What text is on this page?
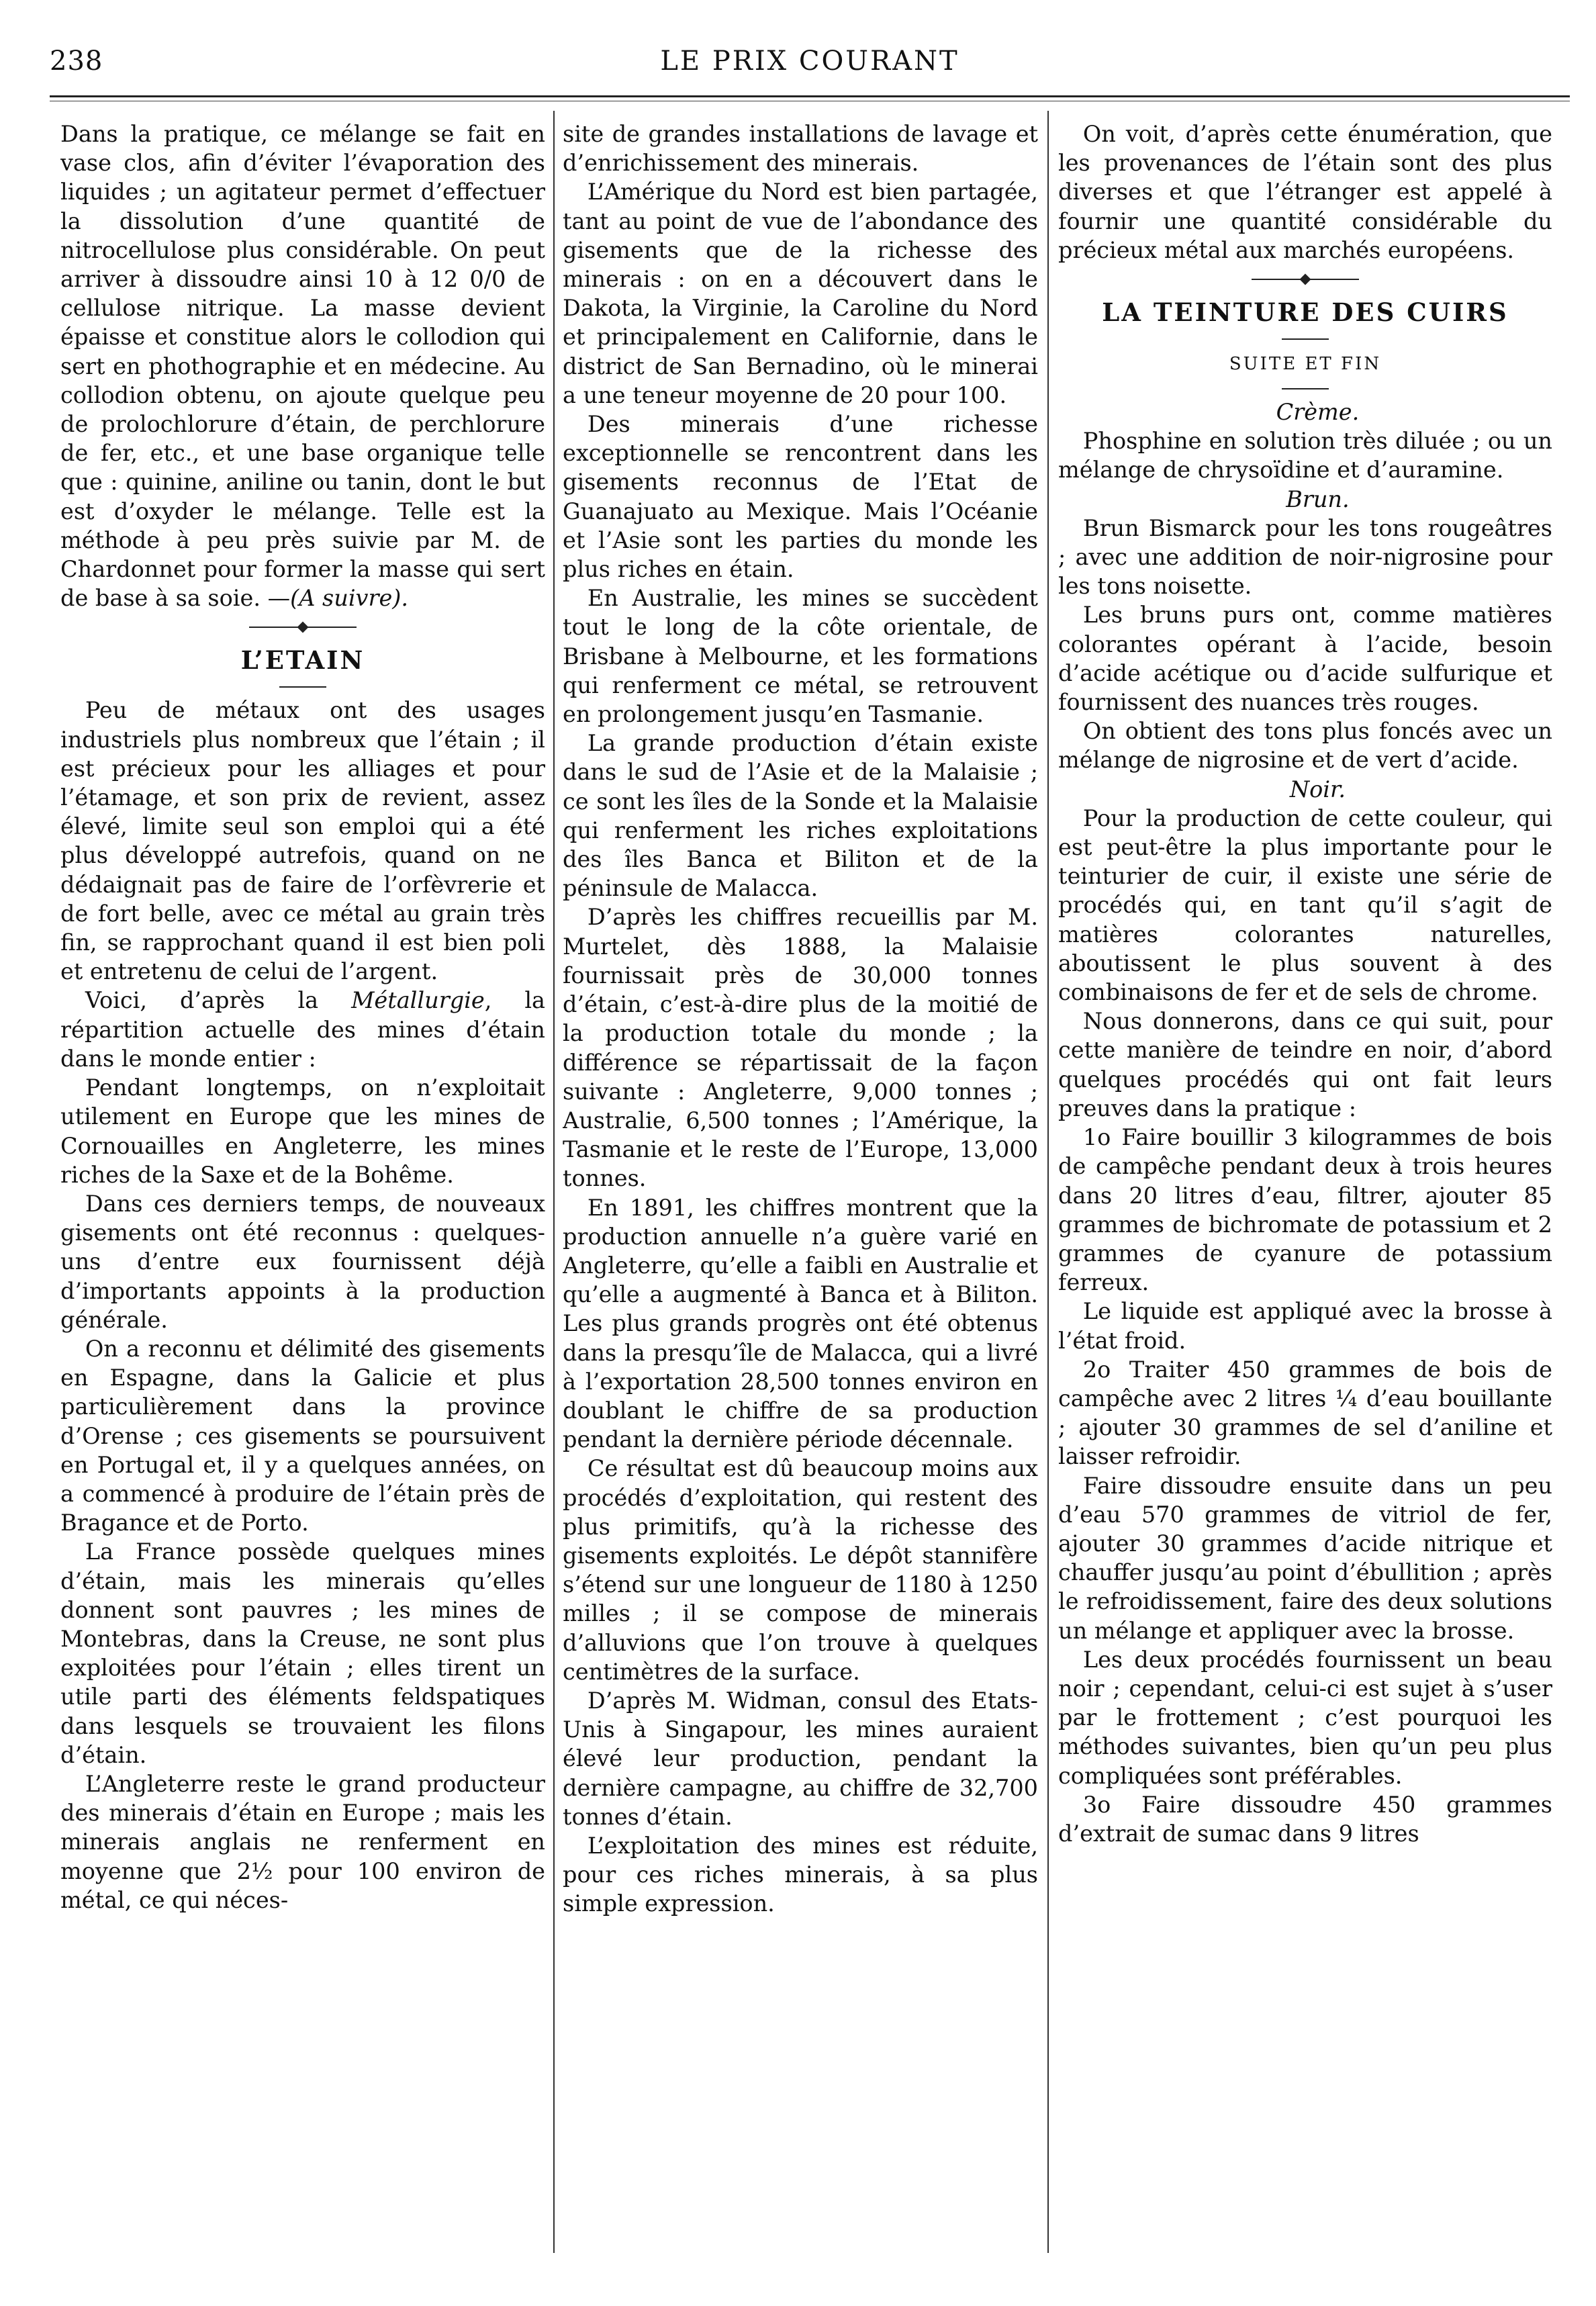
238	LE PRIX COURANT

Dans la pratique, ce mélange se fait en vase clos, afin d’éviter l’évaporation des liquides ; un agitateur permet d’effectuer la dissolution d’une quantité de nitrocellulose plus considérable. On peut arriver à dissoudre ainsi 10 à 12 0/0 de cellulose nitrique. La masse devient épaisse et constitue alors le collodion qui sert en phothographie et en médecine. Au collodion obtenu, on ajoute quelque peu de prolochlorure d’étain, de perchlorure de fer, etc., et une base organique telle que : quinine, aniline ou tanin, dont le but est d’oxyder le mélange. Telle est la méthode à peu près suivie par M. de Chardonnet pour former la masse qui sert de base à sa soie. —(A suivre).

L’ETAIN

Peu de métaux ont des usages industriels plus nombreux que l’étain ; il est précieux pour les alliages et pour l’étamage, et son prix de revient, assez élevé, limite seul son emploi qui a été plus développé autrefois, quand on ne dédaignait pas de faire de l’orfèvrerie et de fort belle, avec ce métal au grain très fin, se rapprochant quand il est bien poli et entretenu de celui de l’argent.

Voici, d’après la Métallurgie, la répartition actuelle des mines d’étain dans le monde entier :

Pendant longtemps, on n’exploitait utilement en Europe que les mines de Cornouailles en Angleterre, les mines riches de la Saxe et de la Bohême.

Dans ces derniers temps, de nouveaux gisements ont été reconnus : quelques-uns d’entre eux fournissent déjà d’importants appoints à la production générale.

On a reconnu et délimité des gisements en Espagne, dans la Galicie et plus particulièrement dans la province d’Orense ; ces gisements se poursuivent en Portugal et, il y a quelques années, on a commencé à produire de l’étain près de Bragance et de Porto.

La France possède quelques mines d’étain, mais les minerais qu’elles donnent sont pauvres ; les mines de Montebras, dans la Creuse, ne sont plus exploitées pour l’étain ; elles tirent un utile parti des éléments feldspatiques dans lesquels se trouvaient les filons d’étain.

L’Angleterre reste le grand producteur des minerais d’étain en Europe ; mais les minerais anglais ne renferment en moyenne que 2½ pour 100 environ de métal, ce qui néces-

site de grandes installations de lavage et d’enrichissement des minerais.

L’Amérique du Nord est bien partagée, tant au point de vue de l’abondance des gisements que de la richesse des minerais : on en a découvert dans le Dakota, la Virginie, la Caroline du Nord et principalement en Californie, dans le district de San Bernadino, où le minerai a une teneur moyenne de 20 pour 100.

Des minerais d’une richesse exceptionnelle se rencontrent dans les gisements reconnus de l’Etat de Guanajuato au Mexique. Mais l’Océanie et l’Asie sont les parties du monde les plus riches en étain.

En Australie, les mines se succèdent tout le long de la côte orientale, de Brisbane à Melbourne, et les formations qui renferment ce métal, se retrouvent en prolongement jusqu’en Tasmanie.

La grande production d’étain existe dans le sud de l’Asie et de la Malaisie ; ce sont les îles de la Sonde et la Malaisie qui renferment les riches exploitations des îles Banca et Biliton et de la péninsule de Malacca.

D’après les chiffres recueillis par M. Murtelet, dès 1888, la Malaisie fournissait près de 30,000 tonnes d’étain, c’est-à-dire plus de la moitié de la production totale du monde ; la différence se répartissait de la façon suivante : Angleterre, 9,000 tonnes ; Australie, 6,500 tonnes ; l’Amérique, la Tasmanie et le reste de l’Europe, 13,000 tonnes.

En 1891, les chiffres montrent que la production annuelle n’a guère varié en Angleterre, qu’elle a faibli en Australie et qu’elle a augmenté à Banca et à Biliton. Les plus grands progrès ont été obtenus dans la presqu’île de Malacca, qui a livré à l’exportation 28,500 tonnes environ en doublant le chiffre de sa production pendant la dernière période décennale.

Ce résultat est dû beaucoup moins aux procédés d’exploitation, qui restent des plus primitifs, qu’à la richesse des gisements exploités. Le dépôt stannifère s’étend sur une longueur de 1180 à 1250 milles ; il se compose de minerais d’alluvions que l’on trouve à quelques centimètres de la surface.

D’après M. Widman, consul des Etats-Unis à Singapour, les mines auraient élevé leur production, pendant la dernière campagne, au chiffre de 32,700 tonnes d’étain.

L’exploitation des mines est réduite, pour ces riches minerais, à sa plus simple expression.

On voit, d’après cette énumération, que les provenances de l’étain sont des plus diverses et que l’étranger est appelé à fournir une quantité considérable du précieux métal aux marchés européens.

LA TEINTURE DES CUIRS
SUITE ET FIN

Crème.

Phosphine en solution très diluée ; ou un mélange de chrysoïdine et d’auramine.

Brun.

Brun Bismarck pour les tons rougeâtres ; avec une addition de noir-nigrosine pour les tons noisette.

Les bruns purs ont, comme matières colorantes opérant à l’acide, besoin d’acide acétique ou d’acide sulfurique et fournissent des nuances très rouges.

On obtient des tons plus foncés avec un mélange de nigrosine et de vert d’acide.

Noir.

Pour la production de cette couleur, qui est peut-être la plus importante pour le teinturier de cuir, il existe une série de procédés qui, en tant qu’il s’agit de matières colorantes naturelles, aboutissent le plus souvent à des combinaisons de fer et de sels de chrome.

Nous donnerons, dans ce qui suit, pour cette manière de teindre en noir, d’abord quelques procédés qui ont fait leurs preuves dans la pratique :

1o Faire bouillir 3 kilogrammes de bois de campêche pendant deux à trois heures dans 20 litres d’eau, filtrer, ajouter 85 grammes de bichromate de potassium et 2 grammes de cyanure de potassium ferreux.

Le liquide est appliqué avec la brosse à l’état froid.

2o Traiter 450 grammes de bois de campêche avec 2 litres ¼ d’eau bouillante ; ajouter 30 grammes de sel d’aniline et laisser refroidir.

Faire dissoudre ensuite dans un peu d’eau 570 grammes de vitriol de fer, ajouter 30 grammes d’acide nitrique et chauffer jusqu’au point d’ébullition ; après le refroidissement, faire des deux solutions un mélange et appliquer avec la brosse.

Les deux procédés fournissent un beau noir ; cependant, celui-ci est sujet à s’user par le frottement ; c’est pourquoi les méthodes suivantes, bien qu’un peu plus compliquées sont préférables.

3o Faire dissoudre 450 grammes d’extrait de sumac dans 9 litres
